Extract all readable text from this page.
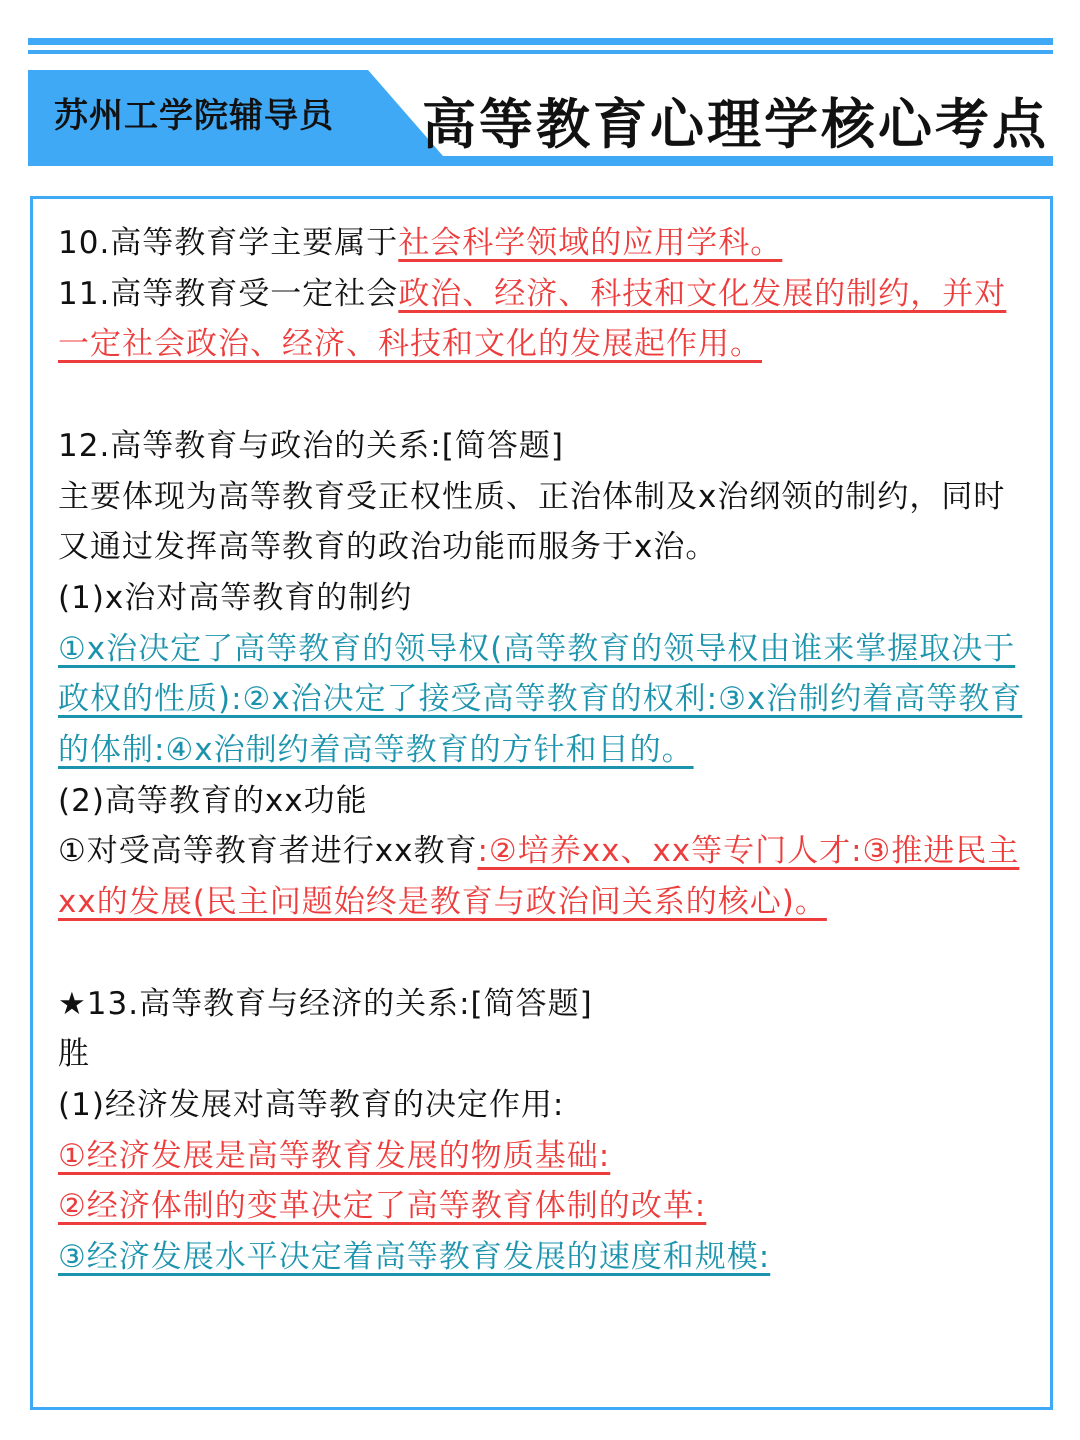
苏州工学院辅导员 高等教育心理学核心考点

10.高等教育学主要属于社会科学领域的应用学科。

11.高等教育受一定社会政治、经济、科技和文化发展的制约，并对一定社会政治、经济、科技和文化的发展起作用。

12.高等教育与政治的关系:[简答题]

主要体现为高等教育受正权性质、正治体制及x治纲领的制约，同时又通过发挥高等教育的政治功能而服务于x治。

(1)x治对高等教育的制约

①x治决定了高等教育的领导权(高等教育的领导权由谁来掌握取决于政权的性质):②x治决定了接受高等教育的权利:③x治制约着高等教育的体制:④x治制约着高等教育的方针和目的。

(2)高等教育的xx功能

①对受高等教育者进行xx教育:②培养xx、xx等专门人才:③推进民主xx的发展(民主问题始终是教育与政治间关系的核心)。

★13.高等教育与经济的关系:[简答题]

胜

(1)经济发展对高等教育的决定作用:

①经济发展是高等教育发展的物质基础:

②经济体制的变革决定了高等教育体制的改革:

③经济发展水平决定着高等教育发展的速度和规模:
